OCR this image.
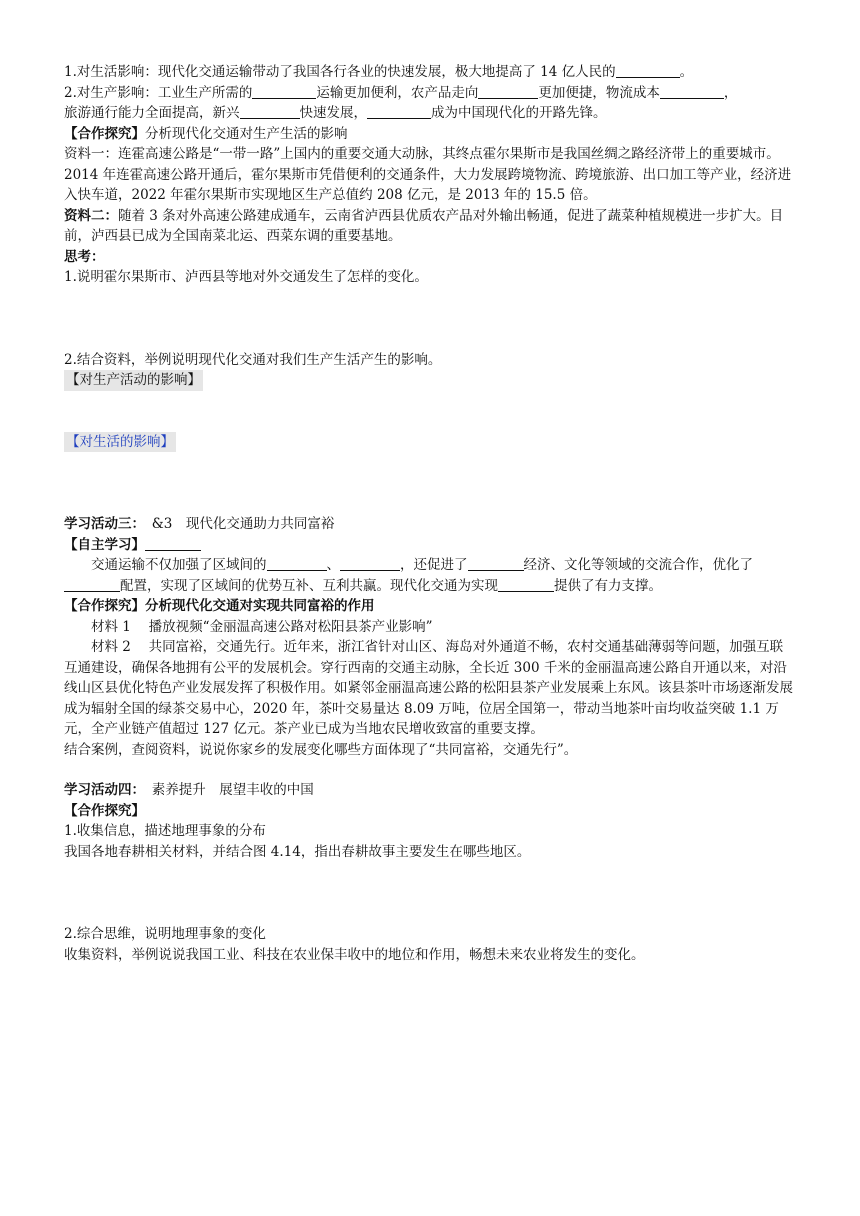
1.对生活影响：现代化交通运输带动了我国各行各业的快速发展，极大地提高了 14 亿人民的	。

2.对生产影响：工业生产所需的	运输更加便利，农产品走向	更加便捷，物流成本	，

旅游通行能力全面提高，新兴	快速发展，	成为中国现代化的开路先锋。

【合作探究】分析现代化交通对生产生活的影响

资料一：连霍高速公路是“一带一路”上国内的重要交通大动脉，其终点霍尔果斯市是我国丝绸之路经济带上的重要城市。2014 年连霍高速公路开通后，霍尔果斯市凭借便利的交通条件，大力发展跨境物流、跨境旅游、出口加工等产业，经济进入快车道，2022 年霍尔果斯市实现地区生产总值约 208 亿元，是 2013 年的 15.5 倍。

资料二：随着 3 条对外高速公路建成通车，云南省泸西县优质农产品对外输出畅通，促进了蔬菜种植规模进一步扩大。目前，泸西县已成为全国南菜北运、西菜东调的重要基地。

思考：

1.说明霍尔果斯市、泸西县等地对外交通发生了怎样的变化。

2.结合资料，举例说明现代化交通对我们生产生活产生的影响。

【对生产活动的影响】

【对生活的影响】

学习活动三：　 &3　现代化交通助力共同富裕

【自主学习】

交通运输不仅加强了区域间的	、	，还促进了	经济、文化等领域的交流合作，优化了配置，实现了区域间的优势互补、互利共赢。现代化交通为实现	提供了有力支撑。

【合作探究】分析现代化交通对实现共同富裕的作用

材料 1　 播放视频“金丽温高速公路对松阳县茶产业影响”

材料 2　 共同富裕，交通先行。近年来，浙江省针对山区、海岛对外通道不畅，农村交通基础薄弱等问题，加强互联互通建设，确保各地拥有公平的发展机会。穿行西南的交通主动脉，全长近 300 千米的金丽温高速公路自开通以来，对沿线山区县优化特色产业发展发挥了积极作用。如紧邻金丽温高速公路的松阳县茶产业发展乘上东风。该县茶叶市场逐渐发展成为辐射全国的绿茶交易中心，2020 年，茶叶交易量达 8.09 万吨，位居全国第一，带动当地茶叶亩均收益突破 1.1 万元，全产业链产值超过 127 亿元。茶产业已成为当地农民增收致富的重要支撑。

结合案例，查阅资料，说说你家乡的发展变化哪些方面体现了“共同富裕，交通先行”。

学习活动四：　素养提升　展望丰收的中国

【合作探究】

1.收集信息，描述地理事象的分布

我国各地春耕相关材料，并结合图 4.14，指出春耕故事主要发生在哪些地区。

2.综合思维，说明地理事象的变化

收集资料，举例说说我国工业、科技在农业保丰收中的地位和作用，畅想未来农业将发生的变化。
